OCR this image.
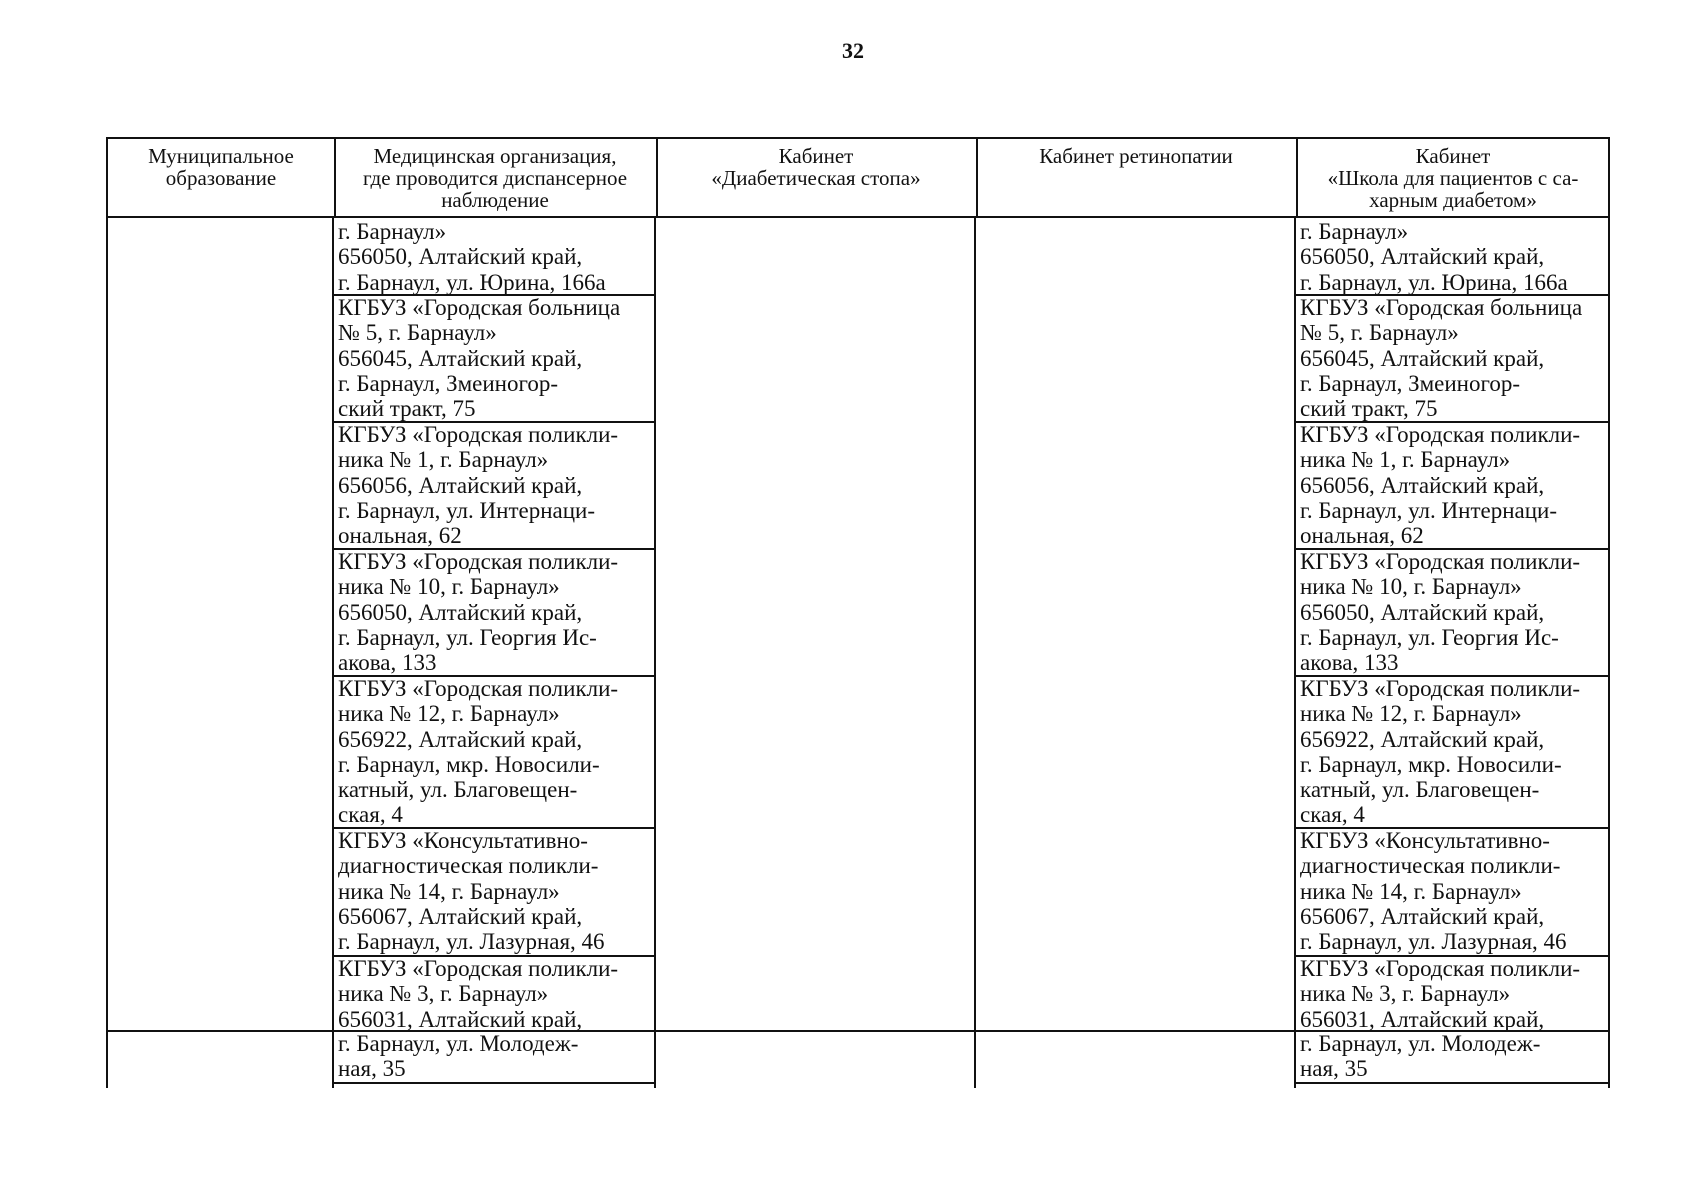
32
Муниципальное
образование
Медицинская организация,
где проводится диспансерное
наблюдение
Кабинет
«Диабетическая стопа»
Кабинет ретинопатии	Кабинет
«Школа для пациентов с са-
харным диабетом»
г. Барнаул»
656050, Алтайский край,
г. Барнаул, ул. Юрина, 166а
КГБУЗ «Городская больница
№ 5, г. Барнаул»
656045, Алтайский край,
г. Барнаул, Змеиногор-
ский тракт, 75
КГБУЗ «Городская поликли-
ника № 1, г. Барнаул»
656056, Алтайский край,
г. Барнаул, ул. Интернаци-
ональная, 62
КГБУЗ «Городская поликли-
ника № 10, г. Барнаул»
656050, Алтайский край,
г. Барнаул, ул. Георгия Ис-
акова, 133
КГБУЗ «Городская поликли-
ника № 12, г. Барнаул»
656922, Алтайский край,
г. Барнаул, мкр. Новосили-
катный, ул. Благовещен-
ская, 4
КГБУЗ «Консультативно-
диагностическая поликли-
ника № 14, г. Барнаул»
656067, Алтайский край,
г. Барнаул, ул. Лазурная, 46
КГБУЗ «Городская поликли-
ника № 3, г. Барнаул»
656031, Алтайский край,
г. Барнаул, ул. Молодеж-
ная, 35
г. Барнаул»
656050, Алтайский край,
г. Барнаул, ул. Юрина, 166а
КГБУЗ «Городская больница
№ 5, г. Барнаул»
656045, Алтайский край,
г. Барнаул, Змеиногор-
ский тракт, 75
КГБУЗ «Городская поликли-
ника № 1, г. Барнаул»
656056, Алтайский край,
г. Барнаул, ул. Интернаци-
ональная, 62
КГБУЗ «Городская поликли-
ника № 10, г. Барнаул»
656050, Алтайский край,
г. Барнаул, ул. Георгия Ис-
акова, 133
КГБУЗ «Городская поликли-
ника № 12, г. Барнаул»
656922, Алтайский край,
г. Барнаул, мкр. Новосили-
катный, ул. Благовещен-
ская, 4
КГБУЗ «Консультативно-
диагностическая поликли-
ника № 14, г. Барнаул»
656067, Алтайский край,
г. Барнаул, ул. Лазурная, 46
КГБУЗ «Городская поликли-
ника № 3, г. Барнаул»
656031, Алтайский край,
г. Барнаул, ул. Молодеж-
ная, 35
